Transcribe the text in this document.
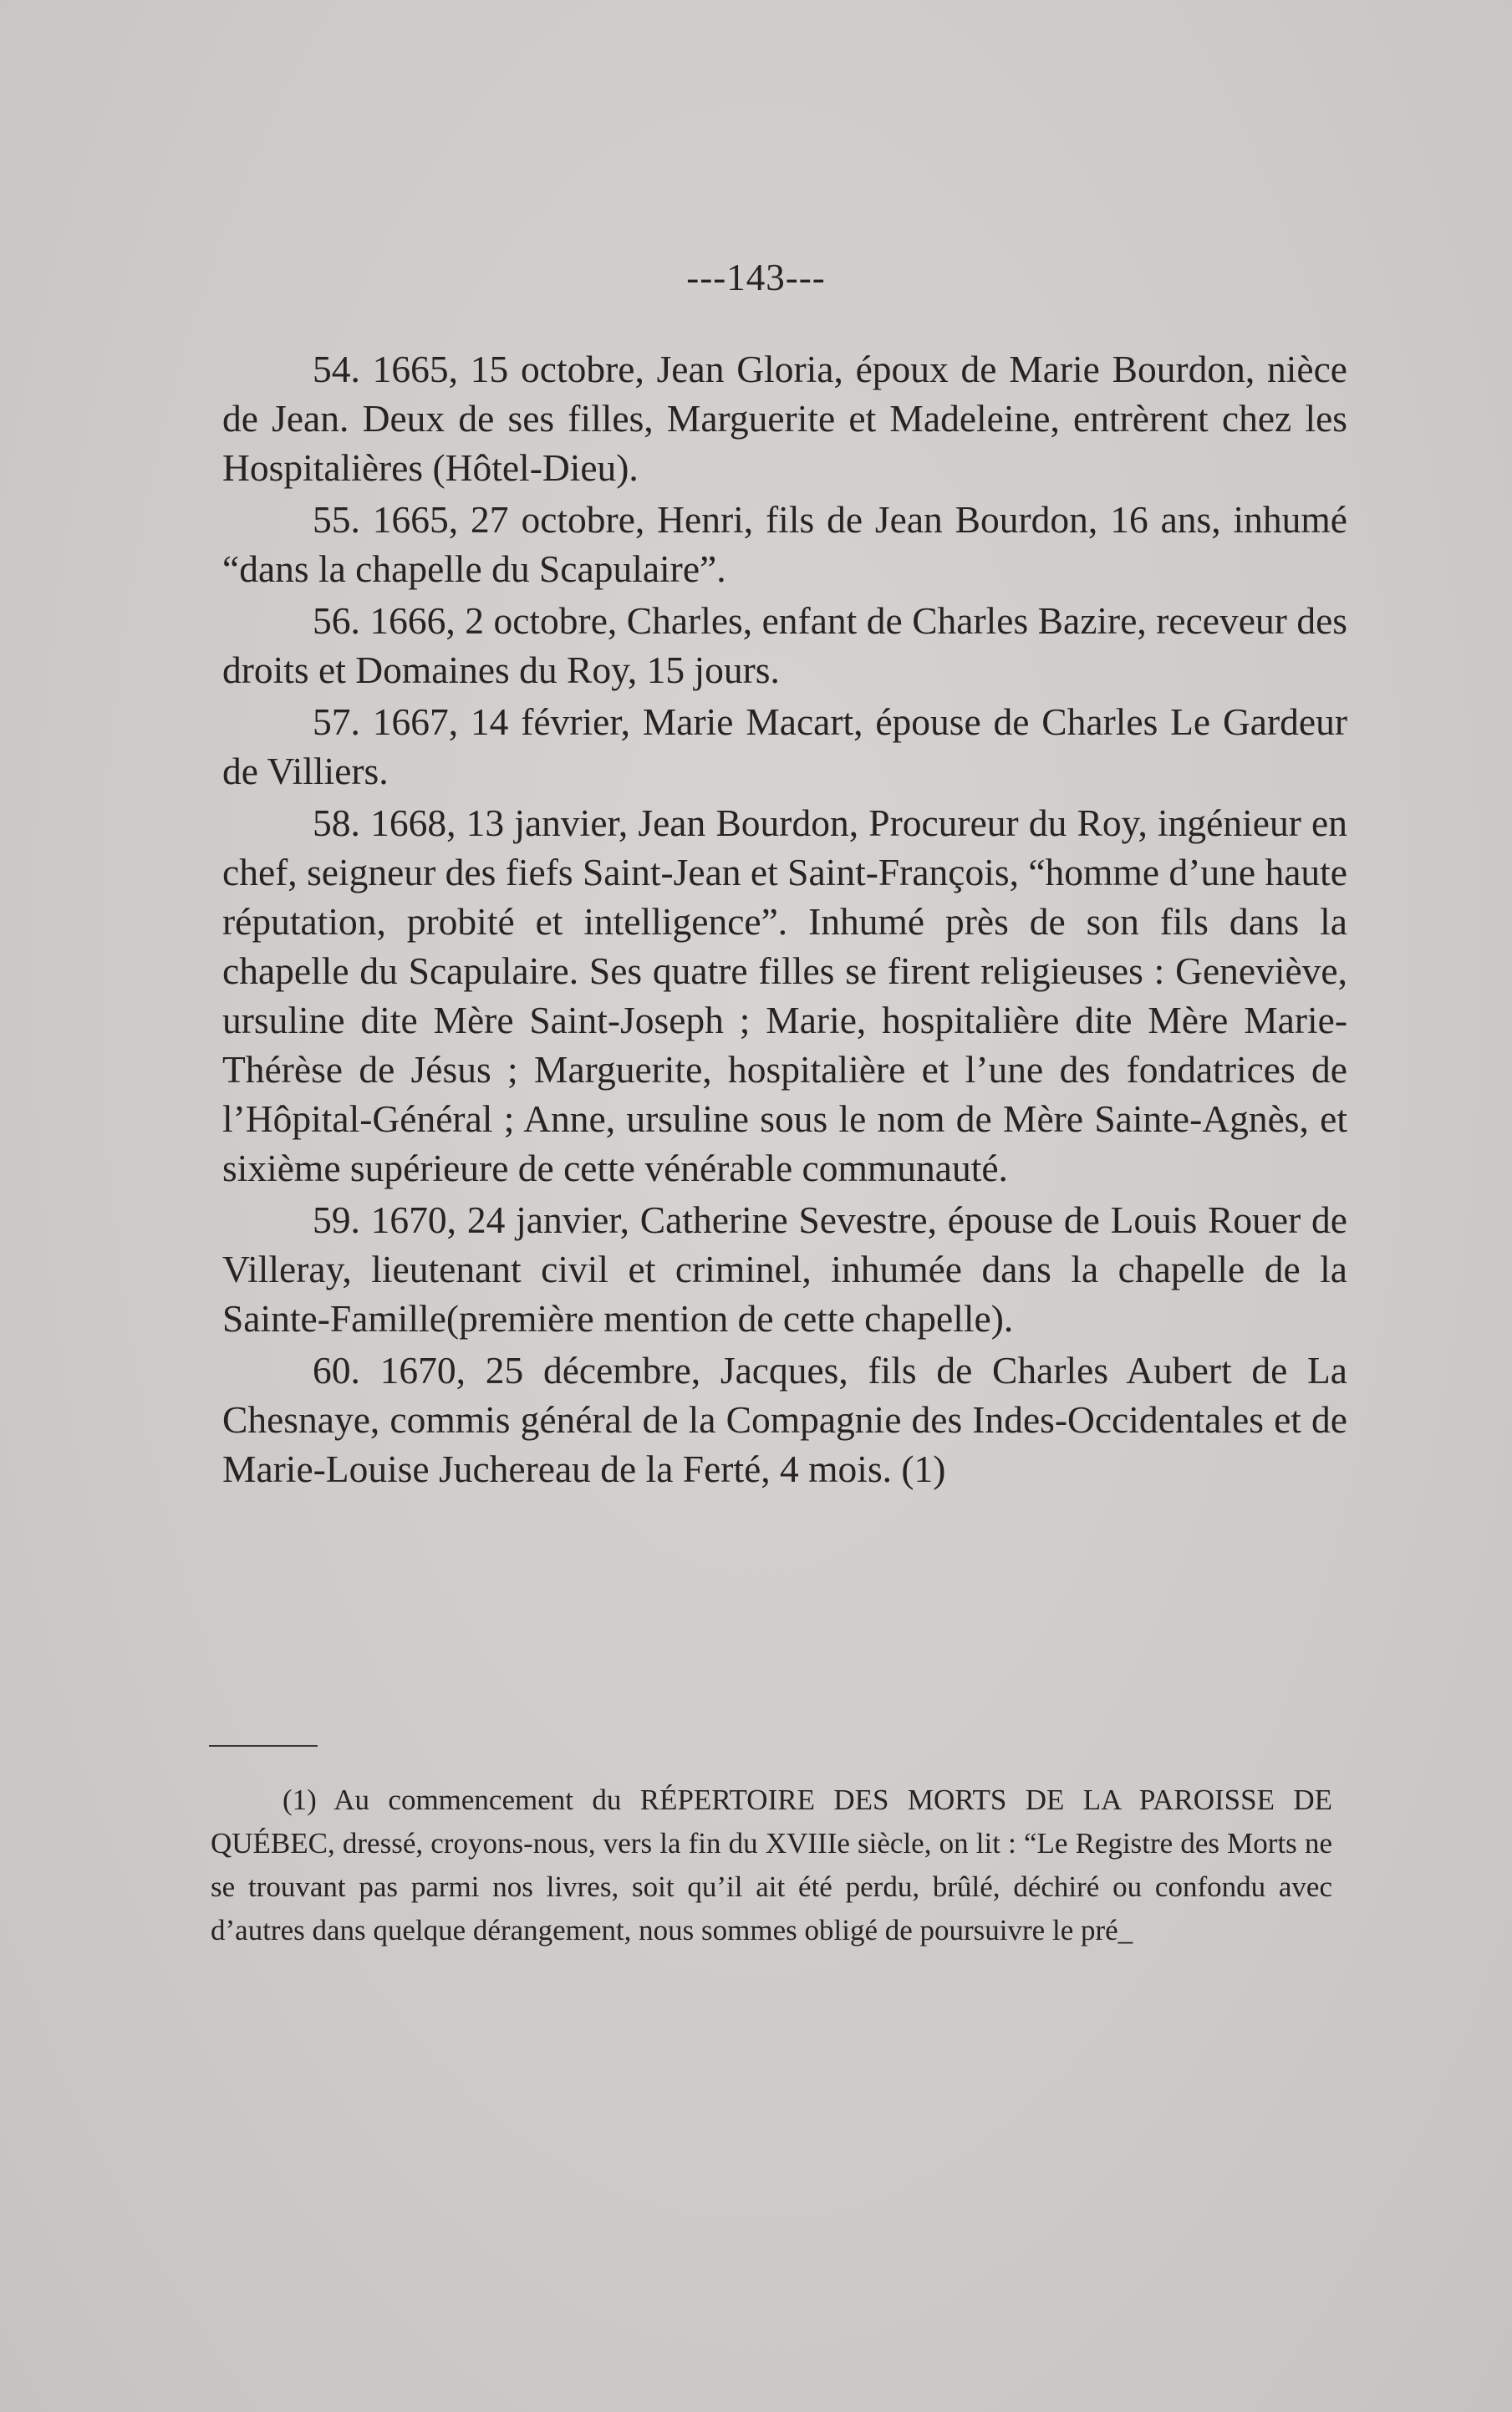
---143---

54. 1665, 15 octobre, Jean Gloria, époux de Marie Bourdon, nièce de Jean. Deux de ses filles, Marguerite et Madeleine, entrèrent chez les Hospitalières (Hôtel-Dieu).

55. 1665, 27 octobre, Henri, fils de Jean Bourdon, 16 ans, inhumé “dans la chapelle du Scapulaire”.

56. 1666, 2 octobre, Charles, enfant de Charles Bazire, receveur des droits et Domaines du Roy, 15 jours.

57. 1667, 14 février, Marie Macart, épouse de Charles Le Gardeur de Villiers.

58. 1668, 13 janvier, Jean Bourdon, Procureur du Roy, ingénieur en chef, seigneur des fiefs Saint-Jean et Saint-François, “homme d’une haute réputation, probité et intelligence”. Inhumé près de son fils dans la chapelle du Scapulaire. Ses quatre filles se firent religieuses : Geneviève, ursuline dite Mère Saint-Joseph ; Marie, hospitalière dite Mère Marie-Thérèse de Jésus ; Marguerite, hospitalière et l’une des fondatrices de l’Hôpital-Général ; Anne, ursuline sous le nom de Mère Sainte-Agnès, et sixième supérieure de cette vénérable communauté.

59. 1670, 24 janvier, Catherine Sevestre, épouse de Louis Rouer de Villeray, lieutenant civil et criminel, inhumée dans la chapelle de la Sainte-Famille(première mention de cette chapelle).

60. 1670, 25 décembre, Jacques, fils de Charles Aubert de La Chesnaye, commis général de la Compagnie des Indes-Occidentales et de Marie-Louise Juchereau de la Ferté, 4 mois. (1)

(1) Au commencement du RÉPERTOIRE DES MORTS DE LA PAROISSE DE QUÉBEC, dressé, croyons-nous, vers la fin du XVIIIe siècle, on lit : “Le Registre des Morts ne se trouvant pas parmi nos livres, soit qu’il ait été perdu, brûlé, déchiré ou confondu avec d’autres dans quelque dérangement, nous sommes obligé de poursuivre le pré_
